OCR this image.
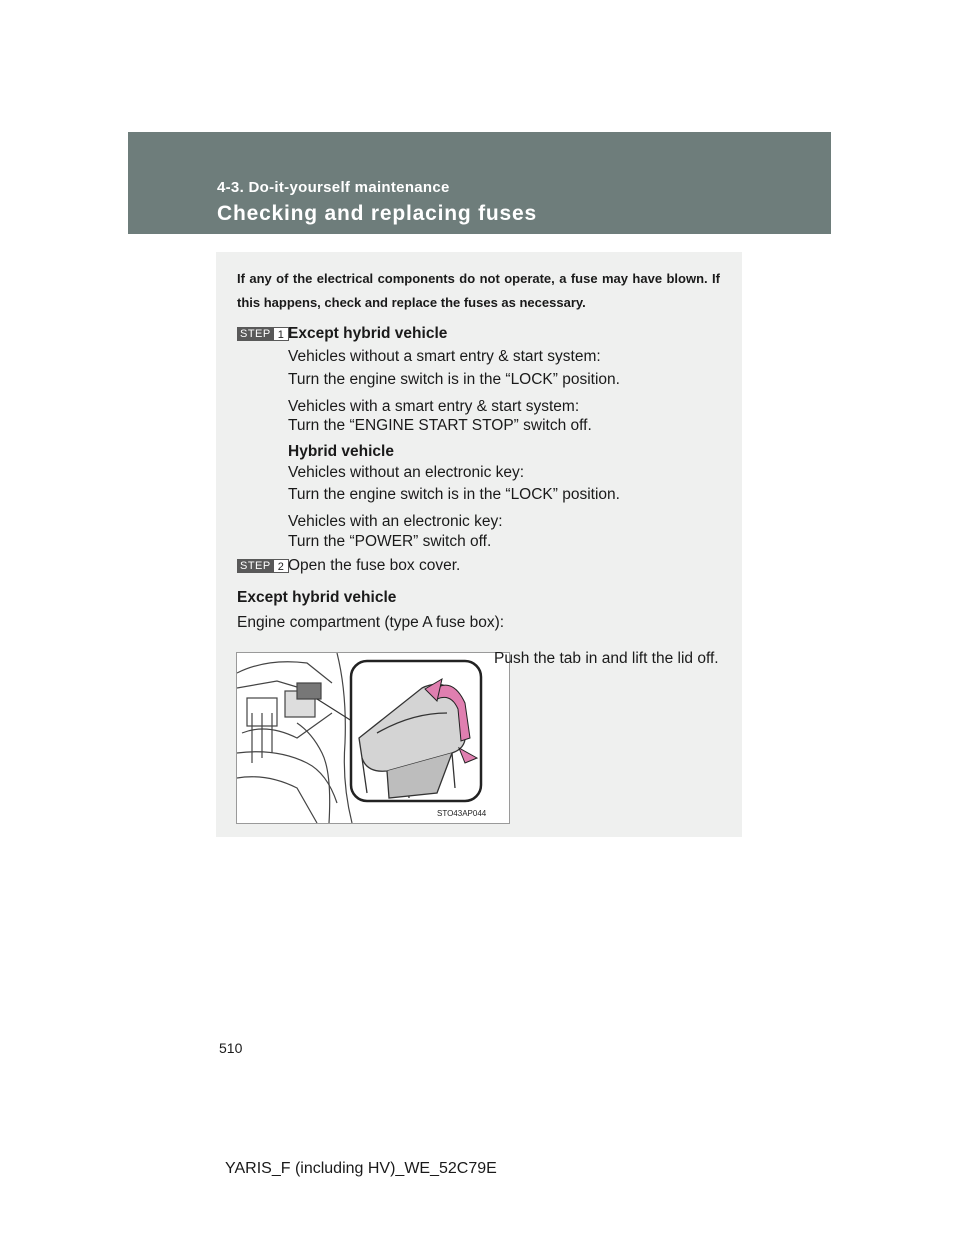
4-3. Do-it-yourself maintenance
Checking and replacing fuses
If any of the electrical components do not operate, a fuse may have blown. If this happens, check and replace the fuses as necessary.
STEP 1 Except hybrid vehicle
Vehicles without a smart entry & start system:
Turn the engine switch is in the “LOCK” position.
Vehicles with a smart entry & start system:
Turn the “ENGINE START STOP” switch off.
Hybrid vehicle
Vehicles without an electronic key:
Turn the engine switch is in the “LOCK” position.
Vehicles with an electronic key:
Turn the “POWER” switch off.
STEP 2 Open the fuse box cover.
Except hybrid vehicle
Engine compartment (type A fuse box):
STO43AP044
Push the tab in and lift the lid off.
510
YARIS_F (including HV)_WE_52C79E
